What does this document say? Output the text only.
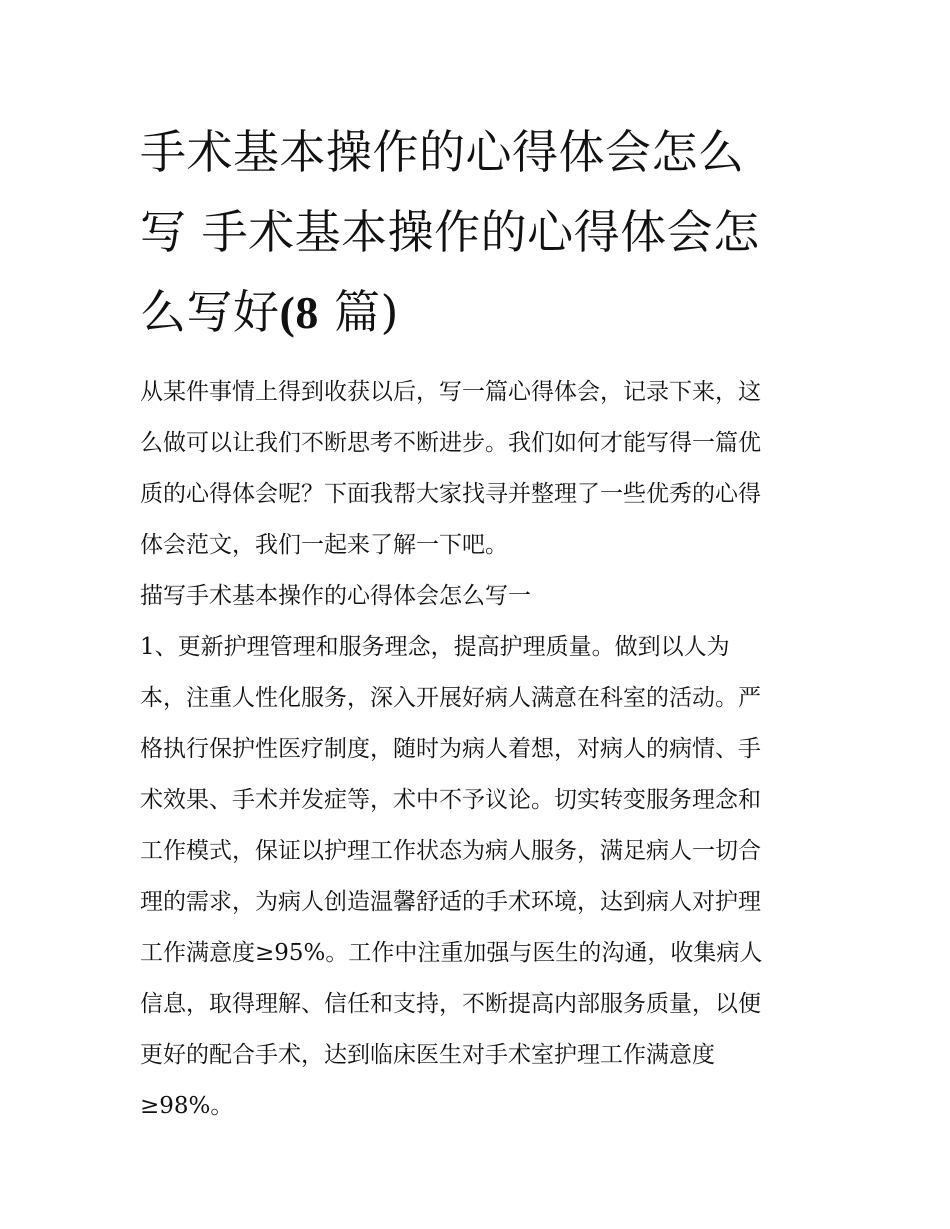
手术基本操作的心得体会怎么
写 手术基本操作的心得体会怎
么写好(8 篇)

从某件事情上得到收获以后，写一篇心得体会，记录下来，这
么做可以让我们不断思考不断进步。我们如何才能写得一篇优
质的心得体会呢？下面我帮大家找寻并整理了一些优秀的心得
体会范文，我们一起来了解一下吧。

描写手术基本操作的心得体会怎么写一

1、更新护理管理和服务理念，提高护理质量。做到以人为
本，注重人性化服务，深入开展好病人满意在科室的活动。严
格执行保护性医疗制度，随时为病人着想，对病人的病情、手
术效果、手术并发症等，术中不予议论。切实转变服务理念和
工作模式，保证以护理工作状态为病人服务，满足病人一切合
理的需求，为病人创造温馨舒适的手术环境，达到病人对护理
工作满意度≥95%。工作中注重加强与医生的沟通，收集病人
信息，取得理解、信任和支持，不断提高内部服务质量，以便
更好的配合手术，达到临床医生对手术室护理工作满意度
≥98%。
